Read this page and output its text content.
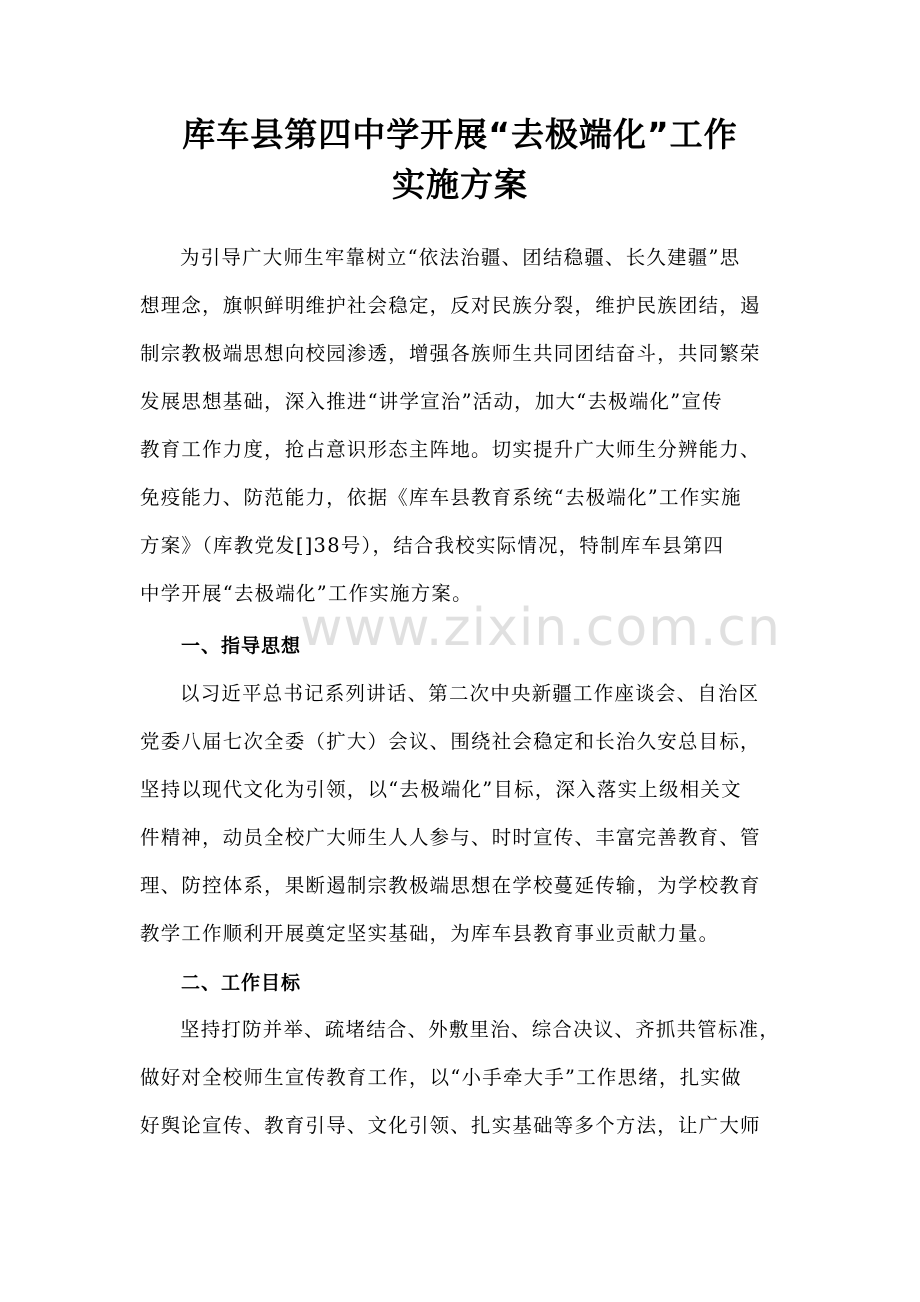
库车县第四中学开展“去极端化”工作
实施方案
为引导广大师生牢靠树立“依法治疆、团结稳疆、长久建疆”思
想理念，旗帜鲜明维护社会稳定，反对民族分裂，维护民族团结，遏
制宗教极端思想向校园渗透，增强各族师生共同团结奋斗，共同繁荣
发展思想基础，深入推进“讲学宣治”活动，加大“去极端化”宣传
教育工作力度，抢占意识形态主阵地。切实提升广大师生分辨能力、
免疫能力、防范能力，依据《库车县教育系统“去极端化”工作实施
方案》（库教党发[]38号），结合我校实际情况，特制库车县第四
中学开展“去极端化”工作实施方案。
一、指导思想
以习近平总书记系列讲话、第二次中央新疆工作座谈会、自治区
党委八届七次全委（扩大）会议、围绕社会稳定和长治久安总目标，
坚持以现代文化为引领，以“去极端化”目标，深入落实上级相关文
件精神，动员全校广大师生人人参与、时时宣传、丰富完善教育、管
理、防控体系，果断遏制宗教极端思想在学校蔓延传输，为学校教育
教学工作顺利开展奠定坚实基础，为库车县教育事业贡献力量。
二、工作目标
坚持打防并举、疏堵结合、外敷里治、综合决议、齐抓共管标准，
做好对全校师生宣传教育工作，以“小手牵大手”工作思绪，扎实做
好舆论宣传、教育引导、文化引领、扎实基础等多个方法，让广大师
www.zixin.com.cn
